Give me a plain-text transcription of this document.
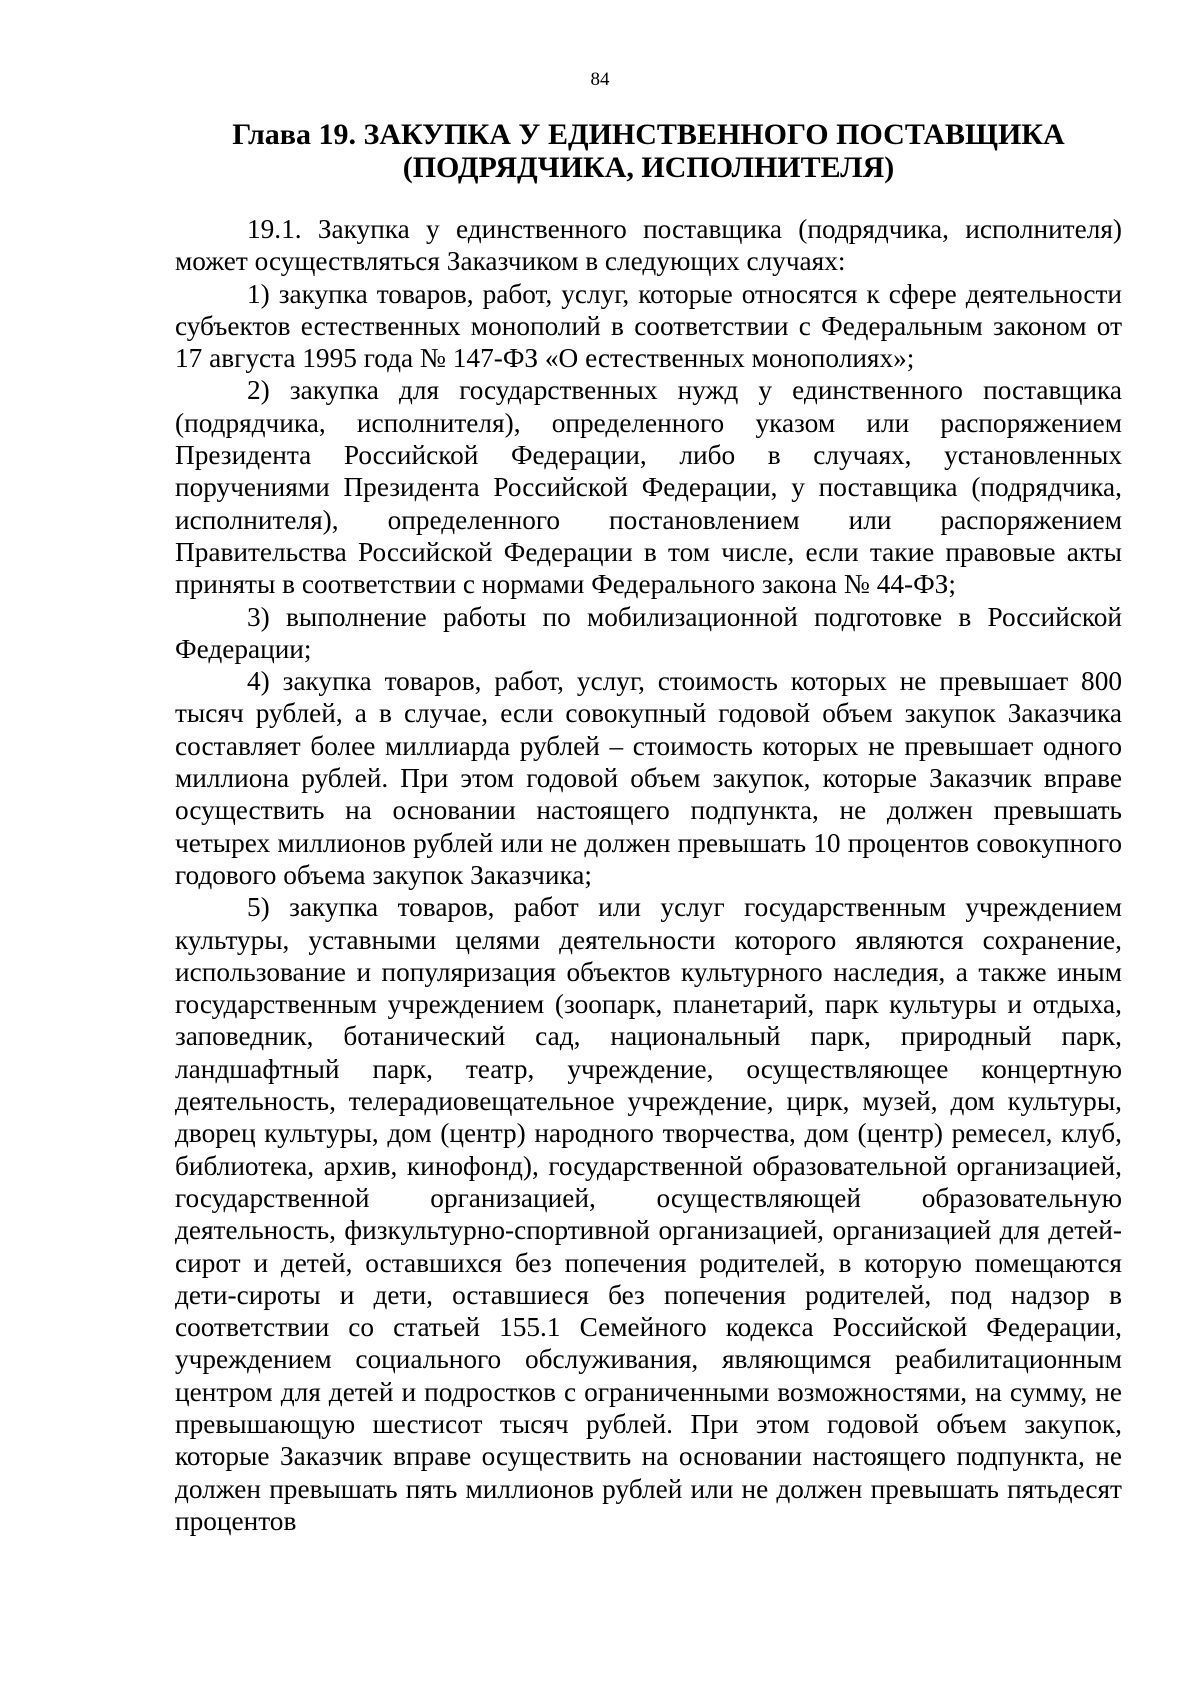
84
Глава 19. ЗАКУПКА У ЕДИНСТВЕННОГО ПОСТАВЩИКА
(ПОДРЯДЧИКА, ИСПОЛНИТЕЛЯ)

19.1. Закупка у единственного поставщика (подрядчика, исполнителя) может осуществляться Заказчиком в следующих случаях:

1) закупка товаров, работ, услуг, которые относятся к сфере деятельности субъектов естественных монополий в соответствии с Федеральным законом от 17 августа 1995 года № 147-ФЗ «О естественных монополиях»;

2) закупка для государственных нужд у единственного поставщика (подрядчика, исполнителя), определенного указом или распоряжением Президента Российской Федерации, либо в случаях, установленных поручениями Президента Российской Федерации, у поставщика (подрядчика, исполнителя), определенного постановлением или распоряжением Правительства Российской Федерации в том числе, если такие правовые акты приняты в соответствии с нормами Федерального закона № 44-ФЗ;

3) выполнение работы по мобилизационной подготовке в Российской Федерации;

4) закупка товаров, работ, услуг, стоимость которых не превышает 800 тысяч рублей, а в случае, если совокупный годовой объем закупок Заказчика составляет более миллиарда рублей – стоимость которых не превышает одного миллиона рублей. При этом годовой объем закупок, которые Заказчик вправе осуществить на основании настоящего подпункта, не должен превышать четырех миллионов рублей или не должен превышать 10 процентов совокупного годового объема закупок Заказчика;

5) закупка товаров, работ или услуг государственным учреждением культуры, уставными целями деятельности которого являются сохранение, использование и популяризация объектов культурного наследия, а также иным государственным учреждением (зоопарк, планетарий, парк культуры и отдыха, заповедник, ботанический сад, национальный парк, природный парк, ландшафтный парк, театр, учреждение, осуществляющее концертную деятельность, телерадиовещательное учреждение, цирк, музей, дом культуры, дворец культуры, дом (центр) народного творчества, дом (центр) ремесел, клуб, библиотека, архив, кинофонд), государственной образовательной организацией, государственной организацией, осуществляющей образовательную деятельность, физкультурно-спортивной организацией, организацией для детей-сирот и детей, оставшихся без попечения родителей, в которую помещаются дети-сироты и дети, оставшиеся без попечения родителей, под надзор в соответствии со статьей 155.1 Семейного кодекса Российской Федерации, учреждением социального обслуживания, являющимся реабилитационным центром для детей и подростков с ограниченными возможностями, на сумму, не превышающую шестисот тысяч рублей. При этом годовой объем закупок, которые Заказчик вправе осуществить на основании настоящего подпункта, не должен превышать пять миллионов рублей или не должен превышать пятьдесят процентов
